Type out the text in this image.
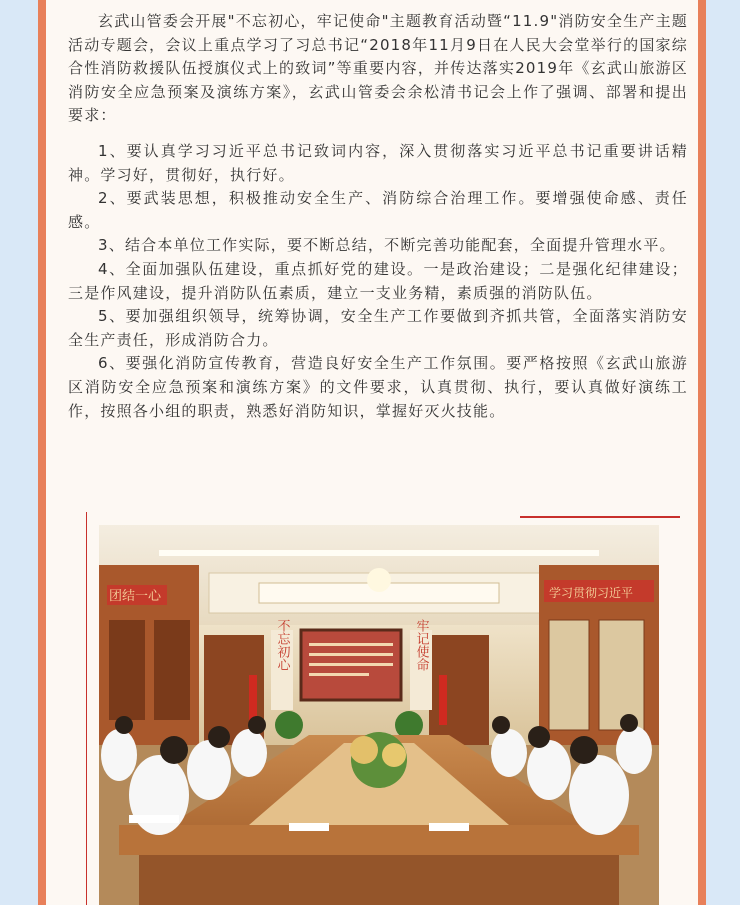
玄武山管委会开展"不忘初心，牢记使命"主题教育活动暨“11.9"消防安全生产主题活动专题会，会议上重点学习了习总书记“2018年11月9日在人民大会堂举行的国家综合性消防救援队伍授旗仪式上的致词”等重要内容，并传达落实2019年《玄武山旅游区消防安全应急预案及演练方案》，玄武山管委会余松清书记会上作了强调、部署和提出要求：

1、要认真学习习近平总书记致词内容，深入贯彻落实习近平总书记重要讲话精神。学习好，贯彻好，执行好。

2、要武装思想，积极推动安全生产、消防综合治理工作。要增强使命感、责任感。

3、结合本单位工作实际，要不断总结，不断完善功能配套，全面提升管理水平。

4、全面加强队伍建设，重点抓好党的建设。一是政治建设；二是强化纪律建设；三是作风建设，提升消防队伍素质，建立一支业务精，素质强的消防队伍。

5、要加强组织领导，统筹协调，安全生产工作要做到齐抓共管，全面落实消防安全生产责任，形成消防合力。

6、要强化消防宣传教育，营造良好安全生产工作氛围。要严格按照《玄武山旅游区消防安全应急预案和演练方案》的文件要求，认真贯彻、执行，要认真做好演练工作，按照各小组的职责，熟悉好消防知识，掌握好灭火技能。

团结一心	学习贯彻习近平
不忘初心	牢记使命
